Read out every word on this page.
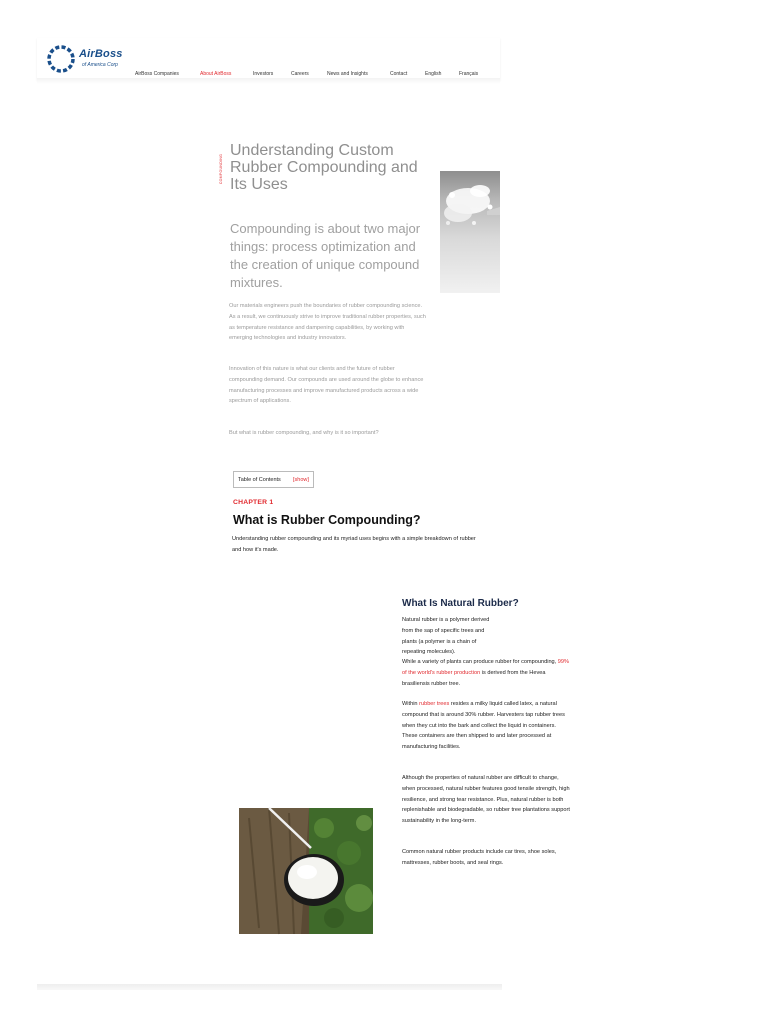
AirBoss
of America Corp
AirBoss Companies	About AirBoss	Investors	Careers	News and Insights	Contact	English	Français
COMPOUNDING
Understanding Custom Rubber Compounding and Its Uses

Compounding is about two major things: process optimization and the creation of unique compound mixtures.

Our materials engineers push the boundaries of rubber compounding science. As a result, we continuously strive to improve traditional rubber properties, such as temperature resistance and dampening capabilities, by working with emerging technologies and industry innovators.

Innovation of this nature is what our clients and the future of rubber compounding demand. Our compounds are used around the globe to enhance manufacturing processes and improve manufactured products across a wide spectrum of applications.

But what is rubber compounding, and why is it so important?

Table of Contents [show]
CHAPTER 1
What is Rubber Compounding?

Understanding rubber compounding and its myriad uses begins with a simple breakdown of rubber and how it's made.

What Is Natural Rubber?

Natural rubber is a polymer derived from the sap of specific trees and plants (a polymer is a chain of repeating molecules).

While a variety of plants can produce rubber for compounding, 99% of the world's rubber production is derived from the Hevea brasiliensis rubber tree.

Within rubber trees resides a milky liquid called latex, a natural compound that is around 30% rubber. Harvesters tap rubber trees when they cut into the bark and collect the liquid in containers. These containers are then shipped to and later processed at manufacturing facilities.

Although the properties of natural rubber are difficult to change, when processed, natural rubber features good tensile strength, high resilience, and strong tear resistance. Plus, natural rubber is both replenishable and biodegradable, so rubber tree plantations support sustainability in the long-term.

Common natural rubber products include car tires, shoe soles, mattresses, rubber boots, and seal rings.
